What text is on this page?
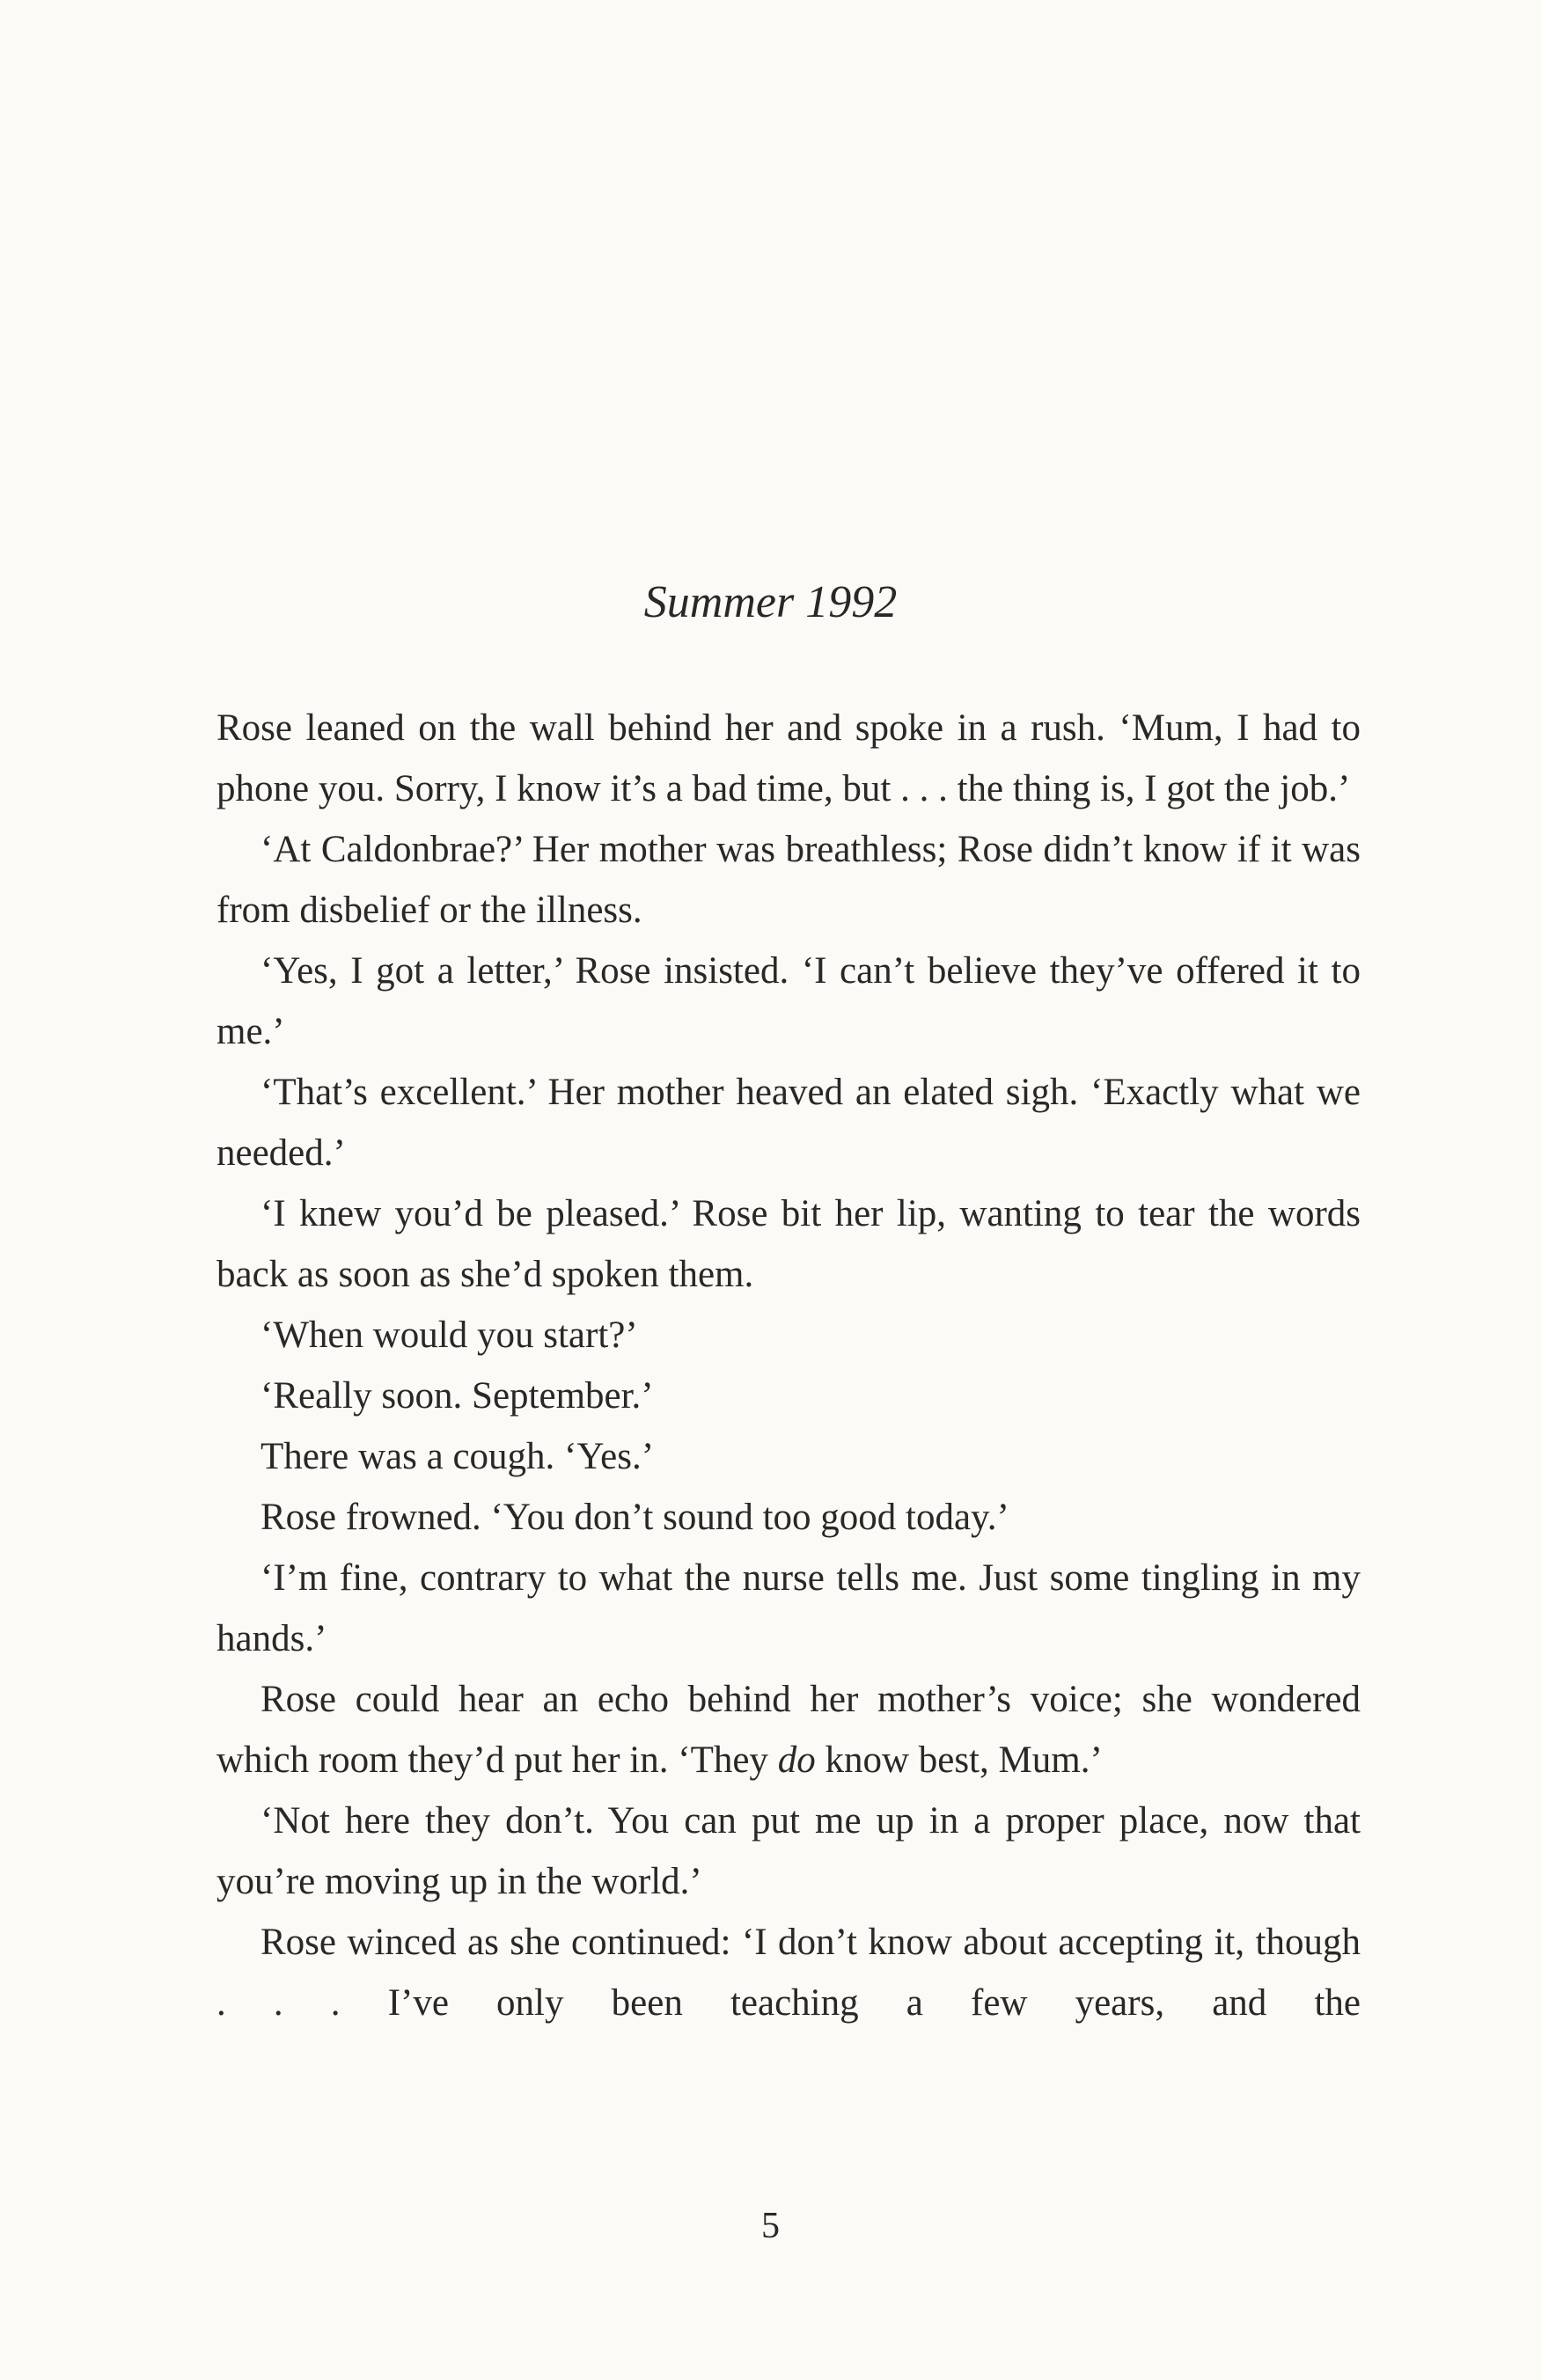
Summer 1992

Rose leaned on the wall behind her and spoke in a rush. ‘Mum, I had to phone you. Sorry, I know it’s a bad time, but . . . the thing is, I got the job.’

‘At Caldonbrae?’ Her mother was breathless; Rose didn’t know if it was from disbelief or the illness.

‘Yes, I got a letter,’ Rose insisted. ‘I can’t believe they’ve offered it to me.’

‘That’s excellent.’ Her mother heaved an elated sigh. ‘Exactly what we needed.’

‘I knew you’d be pleased.’ Rose bit her lip, wanting to tear the words back as soon as she’d spoken them.

‘When would you start?’

‘Really soon. September.’

There was a cough. ‘Yes.’

Rose frowned. ‘You don’t sound too good today.’

‘I’m fine, contrary to what the nurse tells me. Just some tingling in my hands.’

Rose could hear an echo behind her mother’s voice; she wondered which room they’d put her in. ‘They do know best, Mum.’

‘Not here they don’t. You can put me up in a proper place, now that you’re moving up in the world.’

Rose winced as she continued: ‘I don’t know about accepting it, though . . . I’ve only been teaching a few years, and the

5
